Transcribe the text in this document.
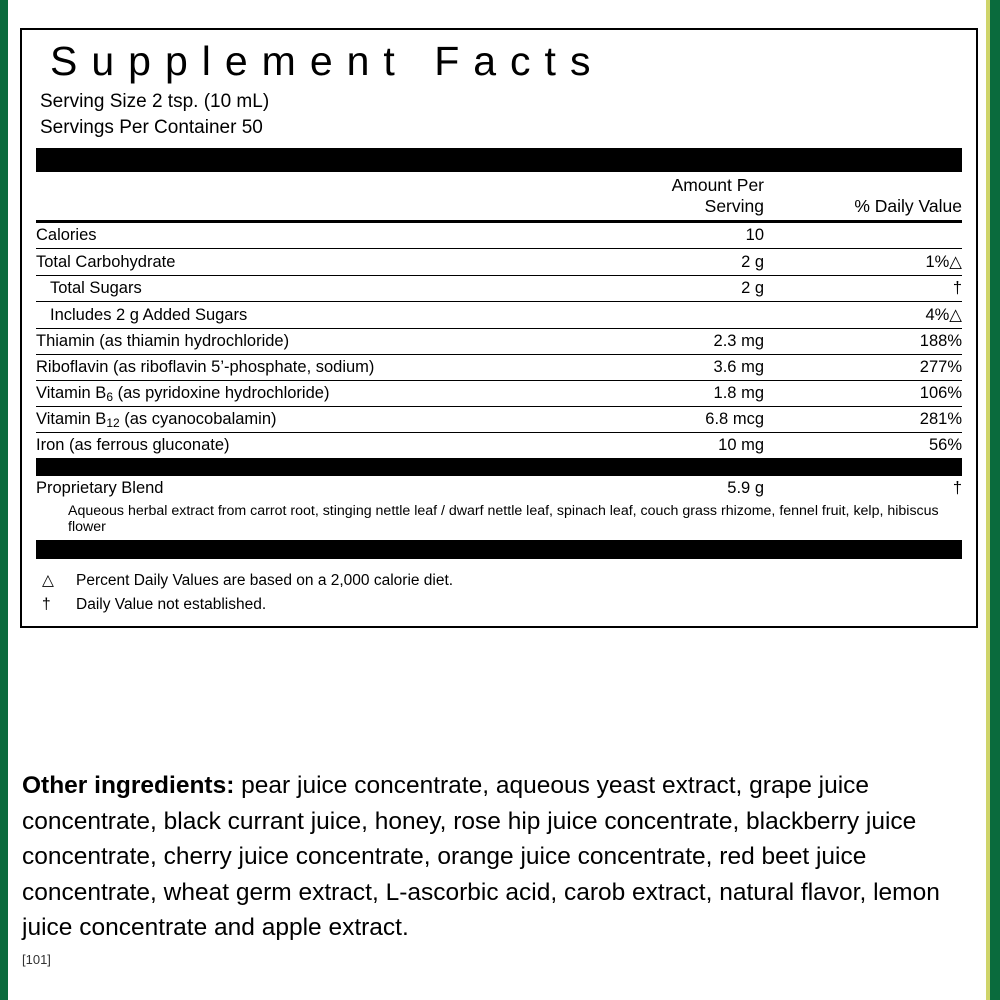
Supplement Facts
Serving Size 2 tsp. (10 mL)
Servings Per Container 50
	Amount Per Serving	% Daily Value
Calories	10	
Total Carbohydrate	2 g	1%△
Total Sugars	2 g	†
Includes 2 g Added Sugars		4%△
Thiamin (as thiamin hydrochloride)	2.3 mg	188%
Riboflavin (as riboflavin 5’-phosphate, sodium)	3.6 mg	277%
Vitamin B6 (as pyridoxine hydrochloride)	1.8 mg	106%
Vitamin B12 (as cyanocobalamin)	6.8 mcg	281%
Iron (as ferrous gluconate)	10 mg	56%
Proprietary Blend	5.9 g	†
Aqueous herbal extract from carrot root, stinging nettle leaf / dwarf nettle leaf, spinach leaf, couch grass rhizome, fennel fruit, kelp, hibiscus flower
△	Percent Daily Values are based on a 2,000 calorie diet.
†	Daily Value not established.
Other ingredients: pear juice concentrate, aqueous yeast extract, grape juice concentrate, black currant juice, honey, rose hip juice concentrate, blackberry juice concentrate, cherry juice concentrate, orange juice concentrate, red beet juice concentrate, wheat germ extract, L-ascorbic acid, carob extract, natural flavor, lemon juice concentrate and apple extract.
[101]
